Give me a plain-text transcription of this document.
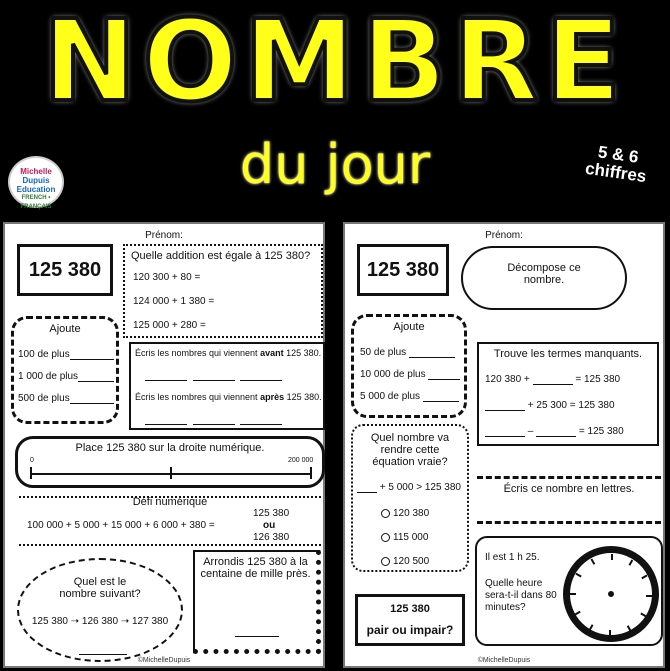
NOMBRE
du jour
Michelle
Dupuis
Education
FRENCH • FRANÇAIS
5 & 6 chiffres
Prénom:
125 380
Quelle addition est égale à 125 380?
120 300 + 80 =
124 000 + 1 380 =
125 000 + 280 =
Ajoute
100 de plus
1 000 de plus
500 de plus
Écris les nombres qui viennent avant 125 380.

Écris les nombres qui viennent après 125 380.

Place 125 380 sur la droite numérique.
0	200 000
Défi numérique
100 000 + 5 000 + 15 000 + 6 000 + 380 =
125 380
ou
126 380
Quel est le nombre suivant?
125 380 ➝ 126 380 ➝ 127 380
Arrondis 125 380 à la centaine de mille près.
©MichelleDupuis
Prénom:
125 380	Décompose ce nombre.
Ajoute
50 de plus
10 000 de plus
5 000 de plus
Trouve les termes manquants.
120 380 +	= 125 380
+ 25 300 = 125 380
–	= 125 380
Quel nombre va rendre cette équation vraie?
+ 5 000 > 125 380
120 380
115 000
120 500
Écris ce nombre en lettres.
Il est 1 h 25.
Quelle heure sera-t-il dans 80 minutes?
125 380
pair ou impair?
©MichelleDupuis
